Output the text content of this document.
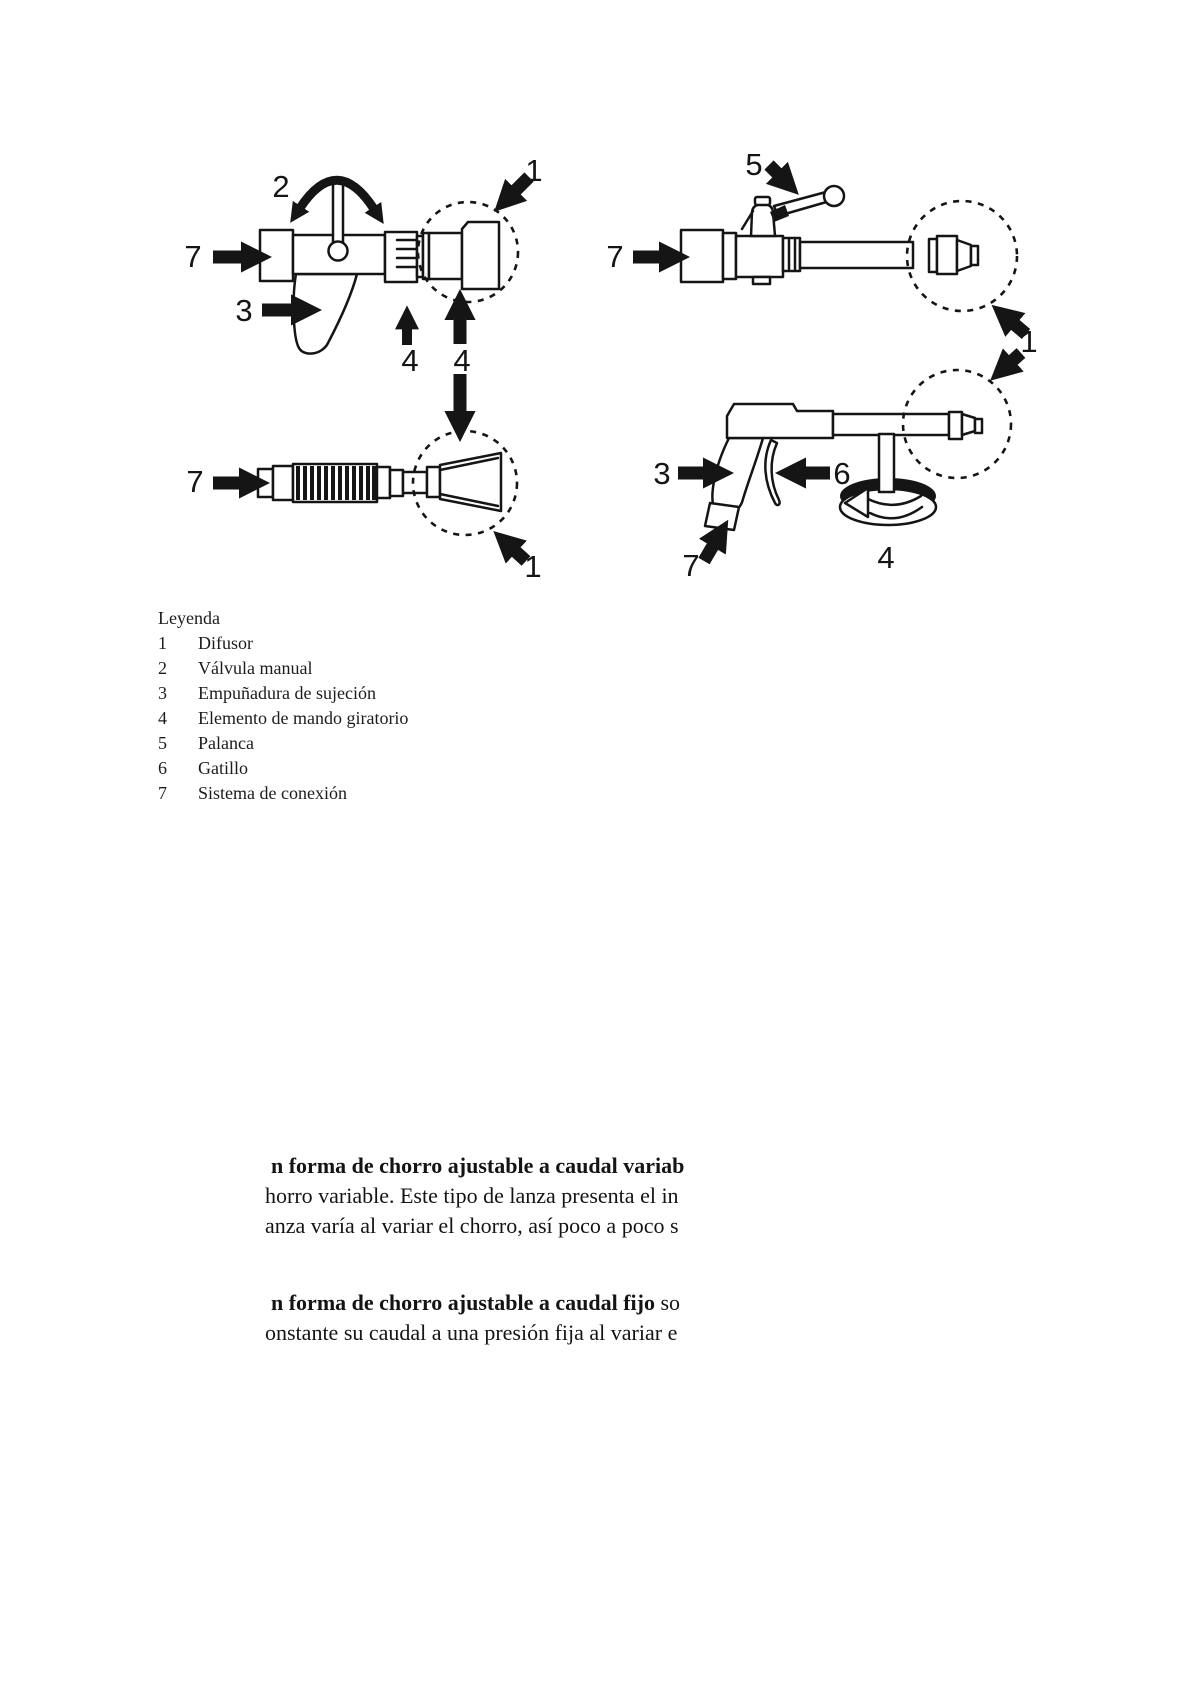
2	1
7
3
4 4
5
7
1
7
1
3	6
7	4
Leyenda
1 Difusor
2 Válvula manual
3 Empuñadura de sujeción
4 Elemento de mando giratorio
5 Palanca
6 Gatillo
7 Sistema de conexión
n forma de chorro ajustable a caudal variab
horro variable. Este tipo de lanza presenta el in
anza varía al variar el chorro, así poco a poco s
n forma de chorro ajustable a caudal fijo so
onstante su caudal a una presión fija al variar e
